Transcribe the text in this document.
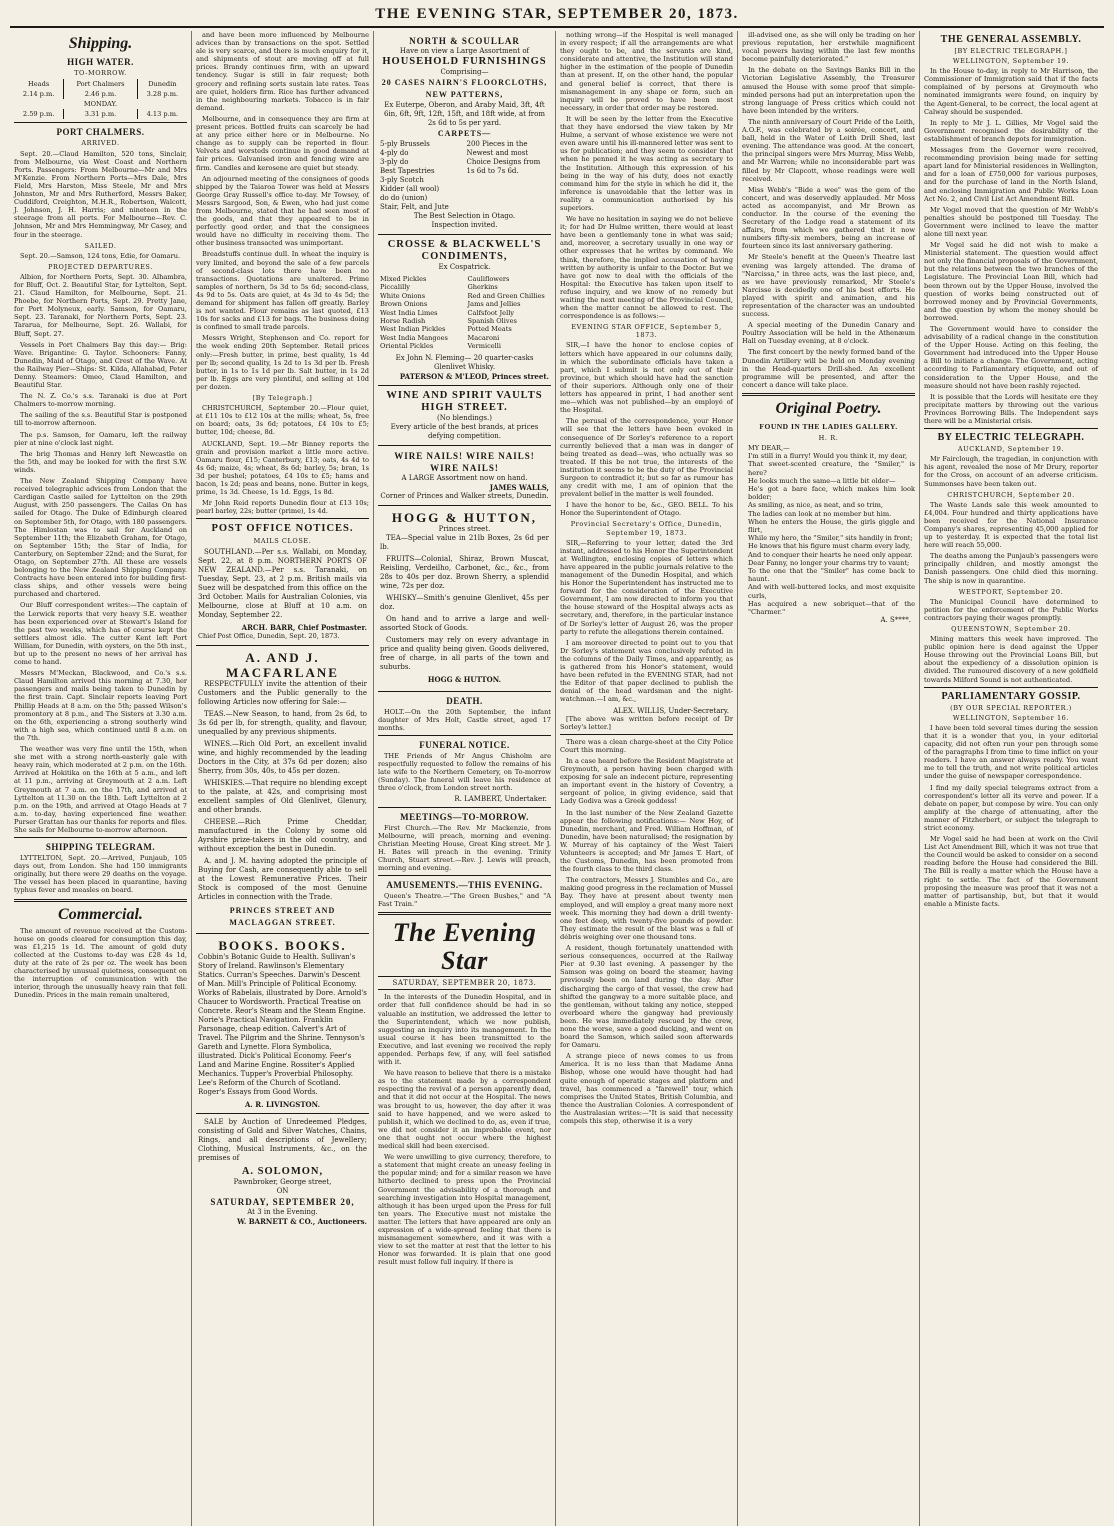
THE EVENING STAR, SEPTEMBER 20, 1873.
Shipping.
HIGH WATER.
TO-MORROW.
Heads	Port Chalmers	Dunedin
2.14 p.m.	2.46 p.m.	3.28 p.m.
MONDAY.		
2.59 p.m.	3.31 p.m.	4.13 p.m.
PORT CHALMERS.
ARRIVED.

Sept. 20.—Claud Hamilton, 520 tons, Sinclair, from Melbourne, via West Coast and Northern Ports. Passengers: From Melbourne—Mr and Mrs M'Kenzie. From Northern Ports—Mrs Dale, Mrs Field, Mrs Harston, Miss Steele, Mr and Mrs Johnston, Mr and Mrs Rutherford, Messrs Baker, Cuddiford, Creighton, M.H.R., Robertson, Walcott, J. Johnson, J. H. Harris; and nineteen in the steerage from all ports. For Melbourne—Rev. C. Johnson, Mr and Mrs Hemmingway, Mr Casey, and four in the steerage.

SAILED.

Sept. 20.—Samson, 124 tons, Edie, for Oamaru.

PROJECTED DEPARTURES.

Albion, for Northern Ports, Sept. 30. Alhambra, for Bluff, Oct. 2. Beautiful Star, for Lyttelton, Sept. 21. Claud Hamilton, for Melbourne, Sept. 21. Phoebe, for Northern Ports, Sept. 29. Pretty Jane, for Port Molyneux, early. Samson, for Oamaru, Sept. 23. Taranaki, for Northern Ports, Sept. 23. Tararua, for Melbourne, Sept. 26. Wallabi, for Bluff, Sept. 27.

Vessels in Port Chalmers Bay this day:— Brig: Wave. Brigantine: G. Taylor. Schooners: Fanny, Dunedin, Maid of Otago, and Crest of the Wave. At the Railway Pier—Ships: St. Kilda, Allahabad, Peter Denny. Steamers: Omeo, Claud Hamilton, and Beautiful Star.

The N. Z. Co.'s s.s. Taranaki is due at Port Chalmers to-morrow morning.

The sailing of the s.s. Beautiful Star is postponed till to-morrow afternoon.

The p.s. Samson, for Oamaru, left the railway pier at nine o'clock last night.

The brig Thomas and Henry left Newcastle on the 5th, and may be looked for with the first S.W. winds.

The New Zealand Shipping Company have received telegraphic advices from London that the Cardigan Castle sailed for Lyttelton on the 29th August, with 250 passengers. The Cailas On has sailed for Otago. The Duke of Edinburgh cleared on September 5th, for Otago, with 180 passengers. The Himlostan was to sail for Auckland on September 11th; the Elizabeth Graham, for Otago, on September 15th; the Star of India, for Canterbury, on September 22nd; and the Surat, for Otago, on September 27th. All these are vessels belonging to the New Zealand Shipping Company. Contracts have been entered into for building first-class ships, and other vessels were being purchased and chartered.

Our Bluff correspondent writes:—The captain of the Lerwick reports that very heavy S.E. weather has been experienced over at Stewart's Island for the past two weeks, which has of course kept the settlers almost idle. The cutter Kent left Port William, for Dunedin, with oysters, on the 5th inst., but up to the present no news of her arrival has come to hand.

Messrs M'Meckan, Blackwood, and Co.'s s.s. Claud Hamilton arrived this morning at 7.30, her passengers and mails being taken to Dunedin by the first train. Capt. Sinclair reports leaving Port Phillip Heads at 8 a.m. on the 5th; passed Wilson's promontory at 8 p.m., and The Sisters at 3.30 a.m. on the 6th, experiencing a strong southerly wind with a high sea, which continued until 8 a.m. on the 7th.

The weather was very fine until the 15th, when she met with a strong north-easterly gale with heavy rain, which moderated at 2 p.m. on the 16th. Arrived at Hokitika on the 16th at 5 a.m., and left at 11 p.m., arriving at Greymouth at 2 a.m. Left Greymouth at 7 a.m. on the 17th, and arrived at Lyttelton at 11.30 on the 18th. Left Lyttelton at 2 p.m. on the 19th, and arrived at Otago Heads at 7 a.m. to-day, having experienced fine weather. Purser Grattan has our thanks for reports and files. She sails for Melbourne to-morrow afternoon.

SHIPPING TELEGRAM.

LYTTELTON, Sept. 20.—Arrived, Punjaub, 105 days out, from London. She had 150 immigrants originally, but there were 29 deaths on the voyage. The vessel has been placed in quarantine, having typhus fever and measles on board.

Commercial.

The amount of revenue received at the Custom-house on goods cleared for consumption this day, was £1,215 1s 1d. The amount of gold duty collected at the Customs to-day was £28 4s 1d, duty at the rate of 2s per oz. The week has been characterised by unusual quietness, consequent on the interruption of communication with the interior, through the unusually heavy rain that fell. Dunedin. Prices in the main remain unaltered,

and have been more influenced by Melbourne advices than by transactions on the spot. Settled ale is very scarce, and there is much enquiry for it, and shipments of stout are moving off at full prices. Brandy continues firm, with an upward tendency. Sugar is still in fair request; both grocery and refining sorts sustain late rates. Teas are quiet, holders firm. Rice has further advanced in the neighbouring markets. Tobacco is in fair demand.

Melbourne, and in consequence they are firm at present prices. Bottled fruits can scarcely be had at any price either here or in Melbourne. No change as to supply can be reported in flour. Velvets and worsteds continue in good demand at fair prices. Galvanised iron and fencing wire are firm. Candles and kerosene are quiet but steady.

An adjourned meeting of the consignees of goods shipped by the Taiaroa Tower was held at Messrs George Gray Russell's office to-day. Mr Towsey, of Messrs Sargood, Son, & Ewen, who had just come from Melbourne, stated that he had seen most of the goods, and that they appeared to be in perfectly good order, and that the consignees would have no difficulty in receiving them. The other business transacted was unimportant.

Breadstuffs continue dull. In wheat the inquiry is very limited, and beyond the sale of a few parcels of second-class lots there have been no transactions. Quotations are unaltered. Prime samples of northern, 5s 3d to 5s 6d; second-class, 4s 9d to 5s. Oats are quiet, at 4s 3d to 4s 5d; the demand for shipment has fallen off greatly. Barley is not wanted. Flour remains as last quoted, £13 10s for sacks and £13 for bags. The business doing is confined to small trade parcels.

Messrs Wright, Stephenson and Co. report for the week ending 20th September. Retail prices only:—Fresh butter, in prime, best quality, 1s 4d per lb; second quality, 1s 2d to 1s 3d per lb. Fresh butter, in 1s to 1s 1d per lb. Salt butter, in 1s 2d per lb. Eggs are very plentiful, and selling at 10d per dozen.

[By Telegraph.]

CHRISTCHURCH, September 20.—Flour quiet, at £11 10s to £12 10s at the mills; wheat, 5s, free on board; oats, 3s 6d; potatoes, £4 10s to £5; butter, 10d; cheese, 8d.

AUCKLAND, Sept. 19.—Mr Binney reports the grain and provision market a little more active. Oamaru flour, £15; Canterbury, £13; oats, 4s 4d to 4s 6d; maize, 4s; wheat, 8s 6d; barley, 5s; bran, 1s 3d per bushel; potatoes, £4 10s to £5; hams and bacon, 1s 2d; peas and beans, none. Butter in kegs, prime, 1s 3d. Cheese, 1s 1d. Eggs, 1s 8d.

Mr John Reid reports Dunedin flour at £13 10s; pearl barley, 22s; butter (prime), 1s 4d.

POST OFFICE NOTICES.
MAILS CLOSE.

SOUTHLAND.—Per s.s. Wallabi, on Monday, Sept. 22, at 8 p.m. NORTHERN PORTS OF NEW ZEALAND.—Per s.s. Taranaki, on Tuesday, Sept. 23, at 2 p.m. British mails via Suez will be despatched from this office on the 3rd October. Mails for Australian Colonies, via Melbourne, close at Bluff at 10 a.m. on Monday, September 22.

ARCH. BARR, Chief Postmaster.
Chief Post Office, Dunedin, Sept. 20, 1873.
A. AND J. MACFARLANE

RESPECTFULLY invite the attention of their Customers and the Public generally to the following Articles now offering for Sale:—

TEAS.—New Season, to hand, from 2s 6d, to 3s 6d per lb, for strength, quality, and flavour, unequalled by any previous shipments.

WINES.—Rich Old Port, an excellent invalid wine, and highly recommended by the leading Doctors in the City, at 37s 6d per dozen; also Sherry, from 30s, 40s, to 45s per dozen.

WHISKIES.—That require no blending except to the palate, at 42s, and comprising most excellent samples of Old Glenlivet, Glenury, and other brands.

CHEESE.—Rich Prime Cheddar, manufactured in the Colony by some old Ayrshire prize-takers in the old country, and without exception the best in Dunedin.

A. and J. M. having adopted the principle of Buying for Cash, are consequently able to sell at the Lowest Remunerative Prices. Their Stock is composed of the most Genuine Articles in connection with the Trade.

PRINCES STREET AND MACLAGGAN STREET.
BOOKS. BOOKS.

Cobbin's Botanic Guide to Health. Sullivan's Story of Ireland. Rawlinson's Elementary Statics. Curran's Speeches. Darwin's Descent of Man. Mill's Principle of Political Economy. Works of Rabelais, illustrated by Dore. Arnold's Chaucer to Wordsworth. Practical Treatise on Concrete. Reor's Steam and the Steam Engine. Norie's Practical Navigation. Franklin Parsonage, cheap edition. Calvert's Art of Travel. The Pilgrim and the Shrine. Tennyson's Gareth and Lynette. Flora Symbolica, illustrated. Dick's Political Economy. Feer's Land and Marine Engine. Rossiter's Applied Mechanics. Tupper's Proverbial Philosophy. Lee's Reform of the Church of Scotland. Roger's Essays from Good Words.

A. R. LIVINGSTON.

SALE by Auction of Unredeemed Pledges, consisting of Gold and Silver Watches, Chains, Rings, and all descriptions of Jewellery; Clothing, Musical Instruments, &c., on the premises of

A. SOLOMON,
Pawnbroker, George street,
ON
SATURDAY, SEPTEMBER 20,
At 3 in the Evening.
W. BARNETT & CO., Auctioneers.
NORTH & SCOULLAR
Have on view a Large Assortment of
HOUSEHOLD FURNISHINGS
Comprising—
20 CASES NAIRN'S FLOORCLOTHS, NEW PATTERNS,
Ex Euterpe, Oberon, and Araby Maid, 3ft, 4ft 6in, 6ft, 9ft, 12ft, 15ft, and 18ft wide, at from 2s 6d to 5s per yard.
CARPETS—
5-ply Brussels
4-ply do
3-ply do
Best Tapestries
3-ply Scotch
Kidder (all wool)
do do (union)
Stair, Felt, and Jute
200 Pieces in the Newest and most Choice Designs from 1s 6d to 7s 6d.
The Best Selection in Otago.
Inspection invited.
CROSSE & BLACKWELL'S CONDIMENTS,
Ex Cospatrick.
Mixed Pickles
Piccalilly
White Onions
Brown Onions
West India Limes
Horse Radish
West Indian Pickles
West India Mangoes
Oriental Pickles
Cauliflowers
Gherkins
Red and Green Chillies
Jams and Jellies
Calfsfoot Jelly
Spanish Olives
Potted Meats
Macaroni
Vermicelli
Ex John N. Fleming— 20 quarter-casks Glenlivet Whisky.
PATERSON & M'LEOD, Princes street.
WINE AND SPIRIT VAULTS HIGH STREET.
(No blendings.)
Every article of the best brands, at prices defying competition.
WIRE NAILS! WIRE NAILS! WIRE NAILS!
A LARGE Assortment now on hand.
JAMES WALLS,
Corner of Princes and Walker streets, Dunedin.
HOGG & HUTTON,
Princes street.

TEA—Special value in 21lb Boxes, 2s 6d per lb.

FRUITS—Colonial, Shiraz, Brown Muscat, Reisling, Verdeilho, Carbonet, &c., &c., from 28s to 40s per doz. Brown Sherry, a splendid wine, 72s per doz.

WHISKY—Smith's genuine Glenlivet, 45s per doz.

On hand and to arrive a large and well-assorted Stock of Goods.

Customers may rely on every advantage in price and quality being given. Goods delivered, free of charge, in all parts of the town and suburbs.

HOGG & HUTTON.
DEATH.

HOLT.—On the 20th September, the infant daughter of Mrs Holt, Castle street, aged 17 months.

FUNERAL NOTICE.

THE Friends of Mr Angus Chisholm are respectfully requested to follow the remains of his late wife to the Northern Cemetery, on To-morrow (Sunday). The funeral will leave his residence at three o'clock, from London street north.

R. LAMBERT, Undertaker.
MEETINGS—TO-MORROW.

First Church.—The Rev. Mr Mackenzie, from Melbourne, will preach, morning and evening. Christian Meeting House, Great King street. Mr J. H. Bates will preach in the evening. Trinity Church, Stuart street.—Rev. J. Lewis will preach, morning and evening.

AMUSEMENTS.—THIS EVENING.

Queen's Theatre.—"The Green Bushes," and "A Fast Train."

The Evening Star
SATURDAY, SEPTEMBER 20, 1873.

In the interests of the Dunedin Hospital, and in order that full confidence should be had in so valuable an institution, we addressed the letter to the Superintendent, which we now publish, suggesting an inquiry into its management. In the usual course it has been transmitted to the Executive, and last evening we received the reply appended. Perhaps few, if any, will feel satisfied with it.

We have reason to believe that there is a mistake as to the statement made by a correspondent respecting the revival of a person apparently dead, and that it did not occur at the Hospital. The news was brought to us, however, the day after it was said to have happened, and we were asked to publish it, which we declined to do, as, even if true, we did not consider it an improbable event, nor one that ought not occur where the highest medical skill had been exercised.

We were unwilling to give currency, therefore, to a statement that might create an uneasy feeling in the popular mind; and for a similar reason we have hitherto declined to press upon the Provincial Government the advisability of a thorough and searching investigation into Hospital management, although it has been urged upon the Press for full ten years. The Executive must not mistake the matter. The letters that have appeared are only an expression of a wide-spread feeling that there is mismanagement somewhere, and it was with a view to set the matter at rest that the letter to his Honor was forwarded. It is plain that one good result must follow full inquiry. If there is

nothing wrong—if the Hospital is well managed in every respect; if all the arrangements are what they ought to be, and the servants are kind, considerate and attentive, the Institution will stand higher in the estimation of the people of Dunedin than at present. If, on the other hand, the popular and general belief is correct, that there is mismanagement in any shape or form, such an inquiry will be proved to have been most necessary, in order that order may be restored.

It will be seen by the letter from the Executive that they have endorsed the view taken by Mr Hulme, a servant of whose existence we were not even aware until his ill-mannered letter was sent to us for publication; and they seem to consider that when he penned it he was acting as secretary to the Institution. Although this expression of his being in the way of his duty, does not exactly command him for the style in which he did it, the inference is unavoidable that the letter was in reality a communication authorised by his superiors.

We have no hesitation in saying we do not believe it; for had Dr Hulme written, there would at least have been a gentlemanly tone in what was said; and, moreover, a secretary usually in one way or other expresses that he writes by command. We think, therefore, the implied accusation of having written by authority is unfair to the Doctor. But we have got now to deal with the officials of the Hospital: the Executive has taken upon itself to refuse inquiry, and we know of no remedy but waiting the next meeting of the Provincial Council, when the matter cannot be allowed to rest. The correspondence is as follows:—

EVENING STAR OFFICE, September 5, 1873.

SIR,—I have the honor to enclose copies of letters which have appeared in our columns daily, in which the subordinate officials have taken a part, which I submit is not only out of their province, but which should have had the sanction of their superiors. Although only one of their letters has appeared in print, I had another sent me—which was not published—by an employé of the Hospital.

The perusal of the correspondence, your Honor will see that the letters have been evoked in consequence of Dr Sorley's reference to a report currently believed that a man was in danger of being treated as dead—was, who actually was so treated. If this be not true, the interests of the institution it seems to be the duty of the Provincial Surgeon to contradict it; but so far as rumour has any credit with me, I am of opinion that the prevalent belief in the matter is well founded.

I have the honor to be, &c., GEO. BELL. To his Honor the Superintendent of Otago.

Provincial Secretary's Office, Dunedin, September 19, 1873.

SIR,—Referring to your letter, dated the 3rd instant, addressed to his Honor the Superintendent at Wellington, enclosing copies of letters which have appeared in the public journals relative to the management of the Dunedin Hospital, and which his Honor the Superintendent has instructed me to forward for the consideration of the Executive Government, I am now directed to inform you that the house steward of the Hospital always acts as secretary, and, therefore, in the particular instance of Dr Sorley's letter of August 26, was the proper party to refute the allegations therein contained.

I am moreover directed to point out to you that Dr Sorley's statement was conclusively refuted in the columns of the Daily Times, and apparently, as is gathered from his Honor's statement, would have been refuted in the EVENING STAR, had not the Editor of that paper declined to publish the denial of the head wardsman and the night-watchman.—I am, &c.,

ALEX. WILLIS, Under-Secretary.

[The above was written before receipt of Dr Sorley's letter.]

There was a clean charge-sheet at the City Police Court this morning.

In a case heard before the Resident Magistrate at Greymouth, a person having been charged with exposing for sale an indecent picture, representing an important event in the history of Coventry, a sergeant of police, in giving evidence, said that Lady Godiva was a Greek goddess!

In the last number of the New Zealand Gazette appear the following notifications:— New Hoy, of Dunedin, merchant, and Fred. William Hoffman, of Dunedin, have been naturalised; the resignation by W. Murray of his captaincy of the West Taieri Volunteers is accepted; and Mr James T. Hart, of the Customs, Dunedin, has been promoted from the fourth class to the third class.

The contractors, Messrs J. Stumbles and Co., are making good progress in the reclamation of Mussel Bay. They have at present about twenty men employed, and will employ a great many more next week. This morning they had down a drill twenty-one feet deep, with twenty-five pounds of powder. They estimate the result of the blast was a fall of débris weighing over one thousand tons.

A resident, though fortunately unattended with serious consequences, occurred at the Railway Pier at 9.30 last evening. A passenger by the Samson was going on board the steamer, having previously been on land during the day. After discharging the cargo of that vessel, the crew had shifted the gangway to a more suitable place, and the gentleman, without taking any notice, stepped overboard where the gangway had previously been. He was immediately rescued by the crew, none the worse, save a good ducking, and went on board the Samson, which sailed soon afterwards for Oamaru.

A strange piece of news comes to us from America. It is no less than that Madame Anna Bishop, whose one would have thought had had quite enough of operatic stages and platform and travel, has commenced a "farewell" tour, which comprises the United States, British Columbia, and thence the Australian Colonies. A correspondent of the Australasian writes:—"It is said that necessity compels this step, otherwise it is a very

ill-advised one, as she will only be trading on her previous reputation, her erstwhile magnificent vocal powers having within the last few months become painfully deteriorated."

In the debate on the Savings Banks Bill in the Victorian Legislative Assembly, the Treasurer amused the House with some proof that simple-minded persons had put an interpretation upon the strong language of Press critics which could not have been intended by the writers.

The ninth anniversary of Court Pride of the Leith, A.O.F., was celebrated by a soirée, concert, and ball, held in the Water of Leith Drill Shed, last evening. The attendance was good. At the concert, the principal singers were Mrs Murray, Miss Webb, and Mr Warren; while no inconsiderable part was filled by Mr Clapcott, whose readings were well received.

Miss Webb's "Bide a wee" was the gem of the concert, and was deservedly applauded. Mr Moss acted as accompanyist, and Mr Brown as conductor. In the course of the evening the Secretary of the Lodge read a statement of its affairs, from which we gathered that it now numbers fifty-six members, being an increase of fourteen since its last anniversary gathering.

Mr Steele's benefit at the Queen's Theatre last evening was largely attended. The drama of "Narcissa," in three acts, was the last piece, and, as we have previously remarked, Mr Steele's Narcisse is decidedly one of his best efforts. He played with spirit and animation, and his representation of the character was an undoubted success.

A special meeting of the Dunedin Canary and Poultry Association will be held in the Athenæum Hall on Tuesday evening, at 8 o'clock.

The first concert by the newly formed band of the Dunedin Artillery will be held on Monday evening in the Head-quarters Drill-shed. An excellent programme will be presented, and after the concert a dance will take place.

Original Poetry.
FOUND IN THE LADIES GALLERY.
H. R.
MY DEAR,—
I'm still in a flurry! Would you think it, my dear,
That sweet-scented creature, the "Smiler," is here?
He looks much the same—a little bit older—
He's got a bare face, which makes him look bolder;
As smiling, as nice, as neat, and so trim,
The ladies can look at no member but him.
When he enters the House, the girls giggle and flirt,
While my hero, the "Smiler," sits handily in front;
He knows that his figure must charm every lady,
And to conquer their hearts he need only appear.
Dear Fanny, no longer your charms try to vaunt;
To the one that the "Smiler" has come back to haunt.
And with well-buttered locks, and most exquisite curls,
Has acquired a new sobriquet—that of the "Charmer."
A. S****.
THE GENERAL ASSEMBLY.
[BY ELECTRIC TELEGRAPH.]
WELLINGTON, September 19.

In the House to-day, in reply to Mr Harrison, the Commissioner of Immigration said that if the facts complained of by persons at Greymouth who nominated immigrants were found, on inquiry by the Agent-General, to be correct, the local agent at Calway should be suspended.

In reply to Mr J. L. Gillies, Mr Vogel said the Government recognised the desirability of the establishment of branch depots for immigration.

Messages from the Governor were received, recommending provision being made for setting apart land for Ministerial residences in Wellington, and for a loan of £750,000 for various purposes, and for the purchase of land in the North Island, and enclosing Immigration and Public Works Loan Act No. 2, and Civil List Act Amendment Bill.

Mr Vogel moved that the question of Mr Webb's penalties should be postponed till Tuesday. The Government were inclined to leave the matter alone till next year.

Mr Vogel said he did not wish to make a Ministerial statement. The question would affect not only the financial proposals of the Government, but the relations between the two branches of the Legislature. The Provincial Loan Bill, which had been thrown out by the Upper House, involved the question of works being constructed out of borrowed money and by Provincial Governments, and the question by whom the money should be borrowed.

The Government would have to consider the advisability of a radical change in the constitution of the Upper House. Acting on this feeling, the Government had introduced into the Upper House a Bill to initiate a change. The Government, acting according to Parliamentary etiquette, and out of consideration to the Upper House, and the measure should not have been rashly rejected.

It is possible that the Lords will hesitate ere they precipitate matters by throwing out the various Provinces Borrowing Bills. The Independent says there will be a Ministerial crisis.

BY ELECTRIC TELEGRAPH.
AUCKLAND, September 19.

Mr Fairclough, the tragedian, in conjunction with his agent, revealed the nose of Mr Drury, reporter for the Cross, on account of an adverse criticism. Summonses have been taken out.

CHRISTCHURCH, September 20.

The Waste Lands sale this week amounted to £4,004. Four hundred and thirty applications have been received for the National Insurance Company's shares, representing 45,000 applied for up to yesterday. It is expected that the total list here will reach 55,000.

The deaths among the Punjaub's passengers were principally children, and mostly amongst the Danish passengers. One child died this morning. The ship is now in quarantine.

WESTPORT, September 20.

The Municipal Council have determined to petition for the enforcement of the Public Works contractors paying their wages promptly.

QUEENSTOWN, September 20.

Mining matters this week have improved. The public opinion here is dead against the Upper House throwing out the Provincial Loans Bill, but about the expediency of a dissolution opinion is divided. The rumoured discovery of a new goldfield towards Milford Sound is not authenticated.

PARLIAMENTARY GOSSIP.
(BY OUR SPECIAL REPORTER.)
WELLINGTON, September 16.

I have been told several times during the session that it is a wonder that you, in your editorial capacity, did not often run your pen through some of the paragraphs I from time to time inflict on your readers. I have an answer always ready. You want me to tell the truth, and not write political articles under the guise of newspaper correspondence.

I find my daily special telegrams extract from a correspondent's letter all its verve and power. If a debate on paper, but compose by wire. You can only amplify at the charge of attenuating, after the manner of Fitzherbert, or subject the telegraph to strict economy.

Mr Vogel said he had been at work on the Civil List Act Amendment Bill, which it was not true that the Council would be asked to consider on a second reading before the House had considered the Bill. The Bill is really a matter which the House have a right to settle. The fact of the Government proposing the measure was proof that it was not a matter of partisanship, but, but that it would enable a Ministe facts.
